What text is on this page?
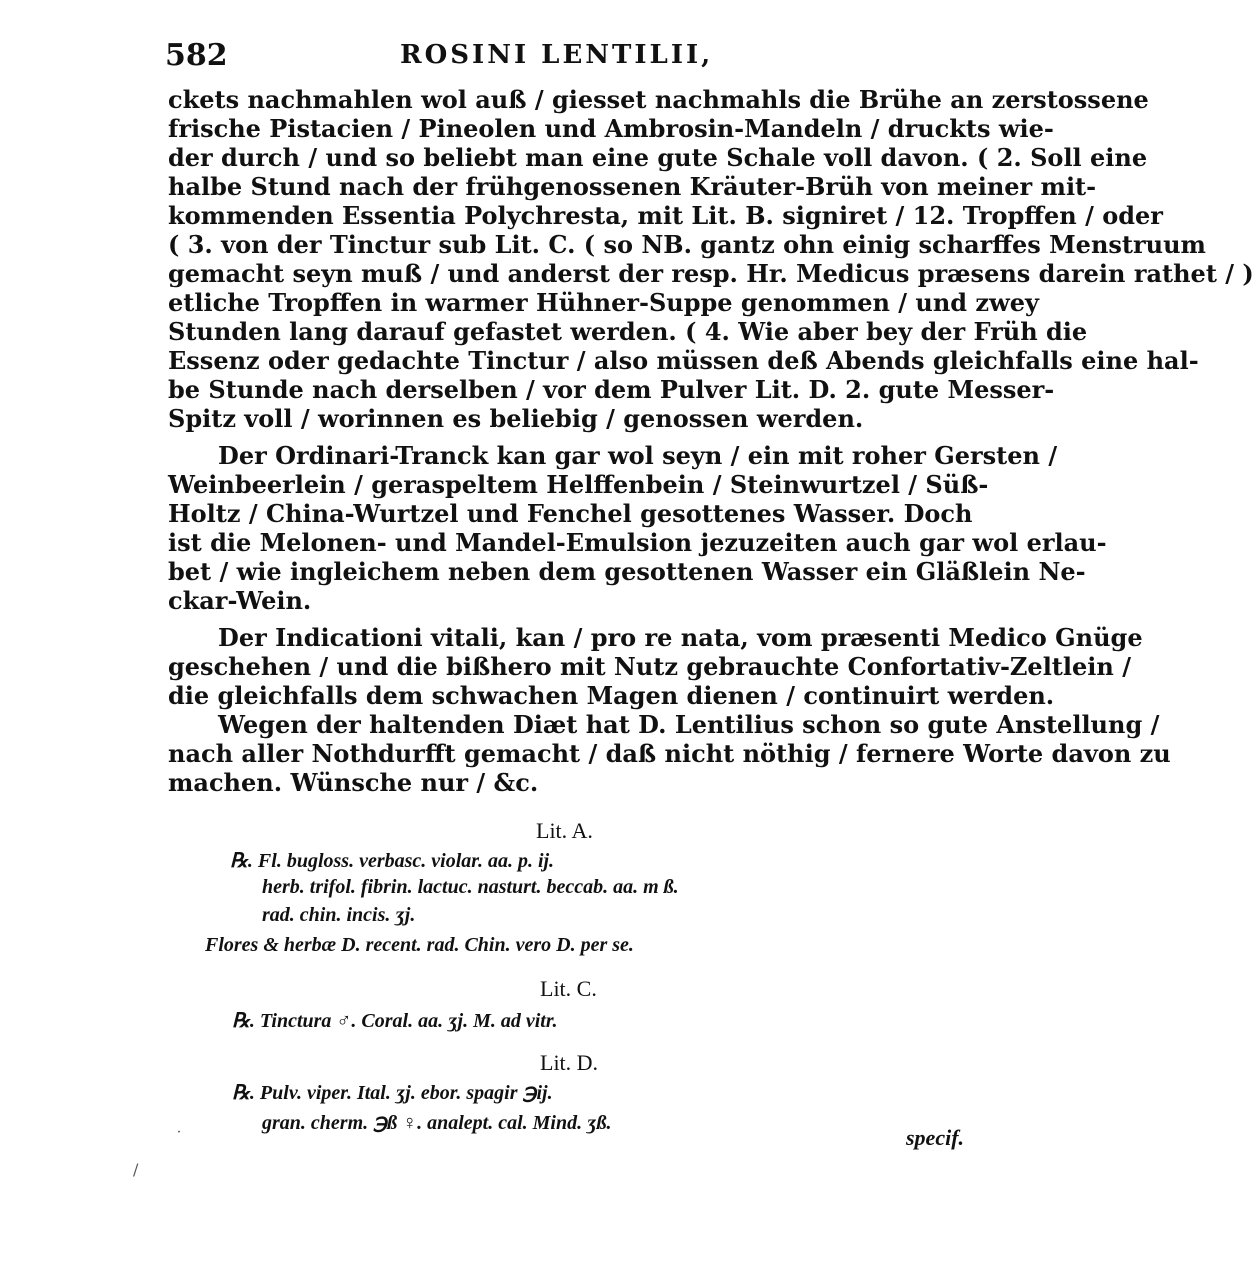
582	ROSINI LENTILII,
ckets nachmahlen wol auß / giesset nachmahls die Brühe an zerstossene
frische Pistacien / Pineolen und Ambrosin-Mandeln / druckts wie-
der durch / und so beliebt man eine gute Schale voll davon. ( 2. Soll eine
halbe Stund nach der frühgenossenen Kräuter-Brüh von meiner mit-
kommenden Essentia Polychresta, mit Lit. B. signiret / 12. Tropffen / oder
( 3. von der Tinctur sub Lit. C. ( so NB. gantz ohn einig scharffes Menstruum
gemacht seyn muß / und anderst der resp. Hr. Medicus præsens darein rathet / )
etliche Tropffen in warmer Hühner-Suppe genommen / und zwey
Stunden lang darauf gefastet werden. ( 4. Wie aber bey der Früh die
Essenz oder gedachte Tinctur / also müssen deß Abends gleichfalls eine hal-
be Stunde nach derselben / vor dem Pulver Lit. D. 2. gute Messer-
Spitz voll / worinnen es beliebig / genossen werden.
Der Ordinari-Tranck kan gar wol seyn / ein mit roher Gersten /
Weinbeerlein / geraspeltem Helffenbein / Steinwurtzel / Süß-
Holtz / China-Wurtzel und Fenchel gesottenes Wasser. Doch
ist die Melonen- und Mandel-Emulsion jezuzeiten auch gar wol erlau-
bet / wie ingleichem neben dem gesottenen Wasser ein Gläßlein Ne-
ckar-Wein.
Der Indicationi vitali, kan / pro re nata, vom præsenti Medico Gnüge
geschehen / und die bißhero mit Nutz gebrauchte Confortativ-Zeltlein /
die gleichfalls dem schwachen Magen dienen / continuirt werden.
Wegen der haltenden Diæt hat D. Lentilius schon so gute Anstellung /
nach aller Nothdurfft gemacht / daß nicht nöthig / fernere Worte davon zu
machen. Wünsche nur / &c.
Lit. A.
℞. Fl. bugloss. verbasc. violar. aa. p. ij.
herb. trifol. fibrin. lactuc. nasturt. beccab. aa. m ß.
rad. chin. incis. ʒj.
Flores & herbæ D. recent. rad. Chin. vero D. per se.
Lit. C.
℞. Tinctura ♂. Coral. aa. ʒj. M. ad vitr.
Lit. D.
℞. Pulv. viper. Ital. ʒj. ebor. spagir ℈ij.
gran. cherm. ℈ß ♀. analept. cal. Mind. ʒß.
specif.
˙
/
